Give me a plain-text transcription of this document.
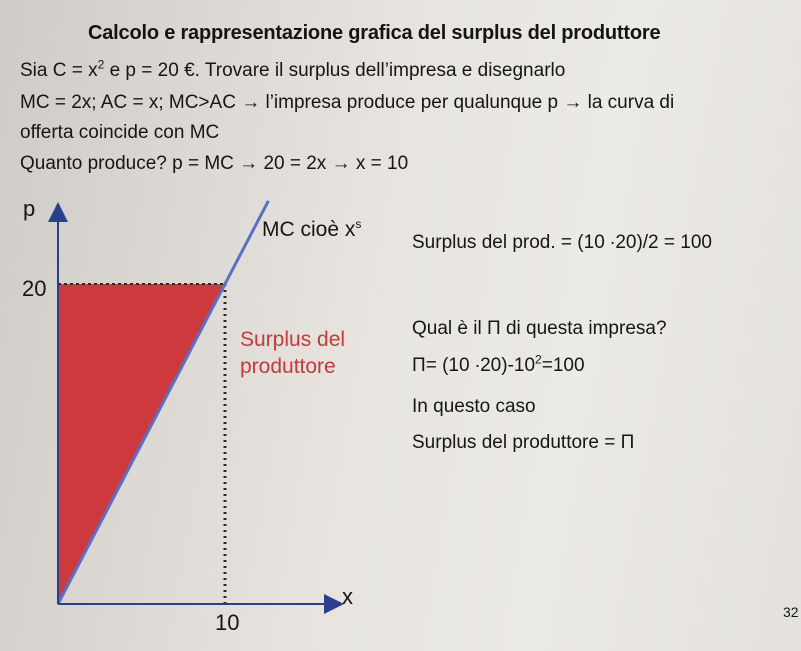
Calcolo e rappresentazione grafica del surplus del produttore
Sia $C = x^2$ e p = 20 €. Trovare il surplus dell’impresa e disegnarlo
MC = 2x; AC = x; MC>AC → l’impresa produce per qualunque p → la curva di
offerta coincide con MC
Quanto produce? p = MC → 20 = 2x → x = 10
p
20
10
x
MC cioè $x^s$
Surplus del
produttore
Surplus del prod. = (10 ∙20)/2 = 100
Qual è il Π di questa impresa?
$\Pi= (10 \cdot 20)-10^2=100$
In questo caso
Surplus del produttore = Π
32
